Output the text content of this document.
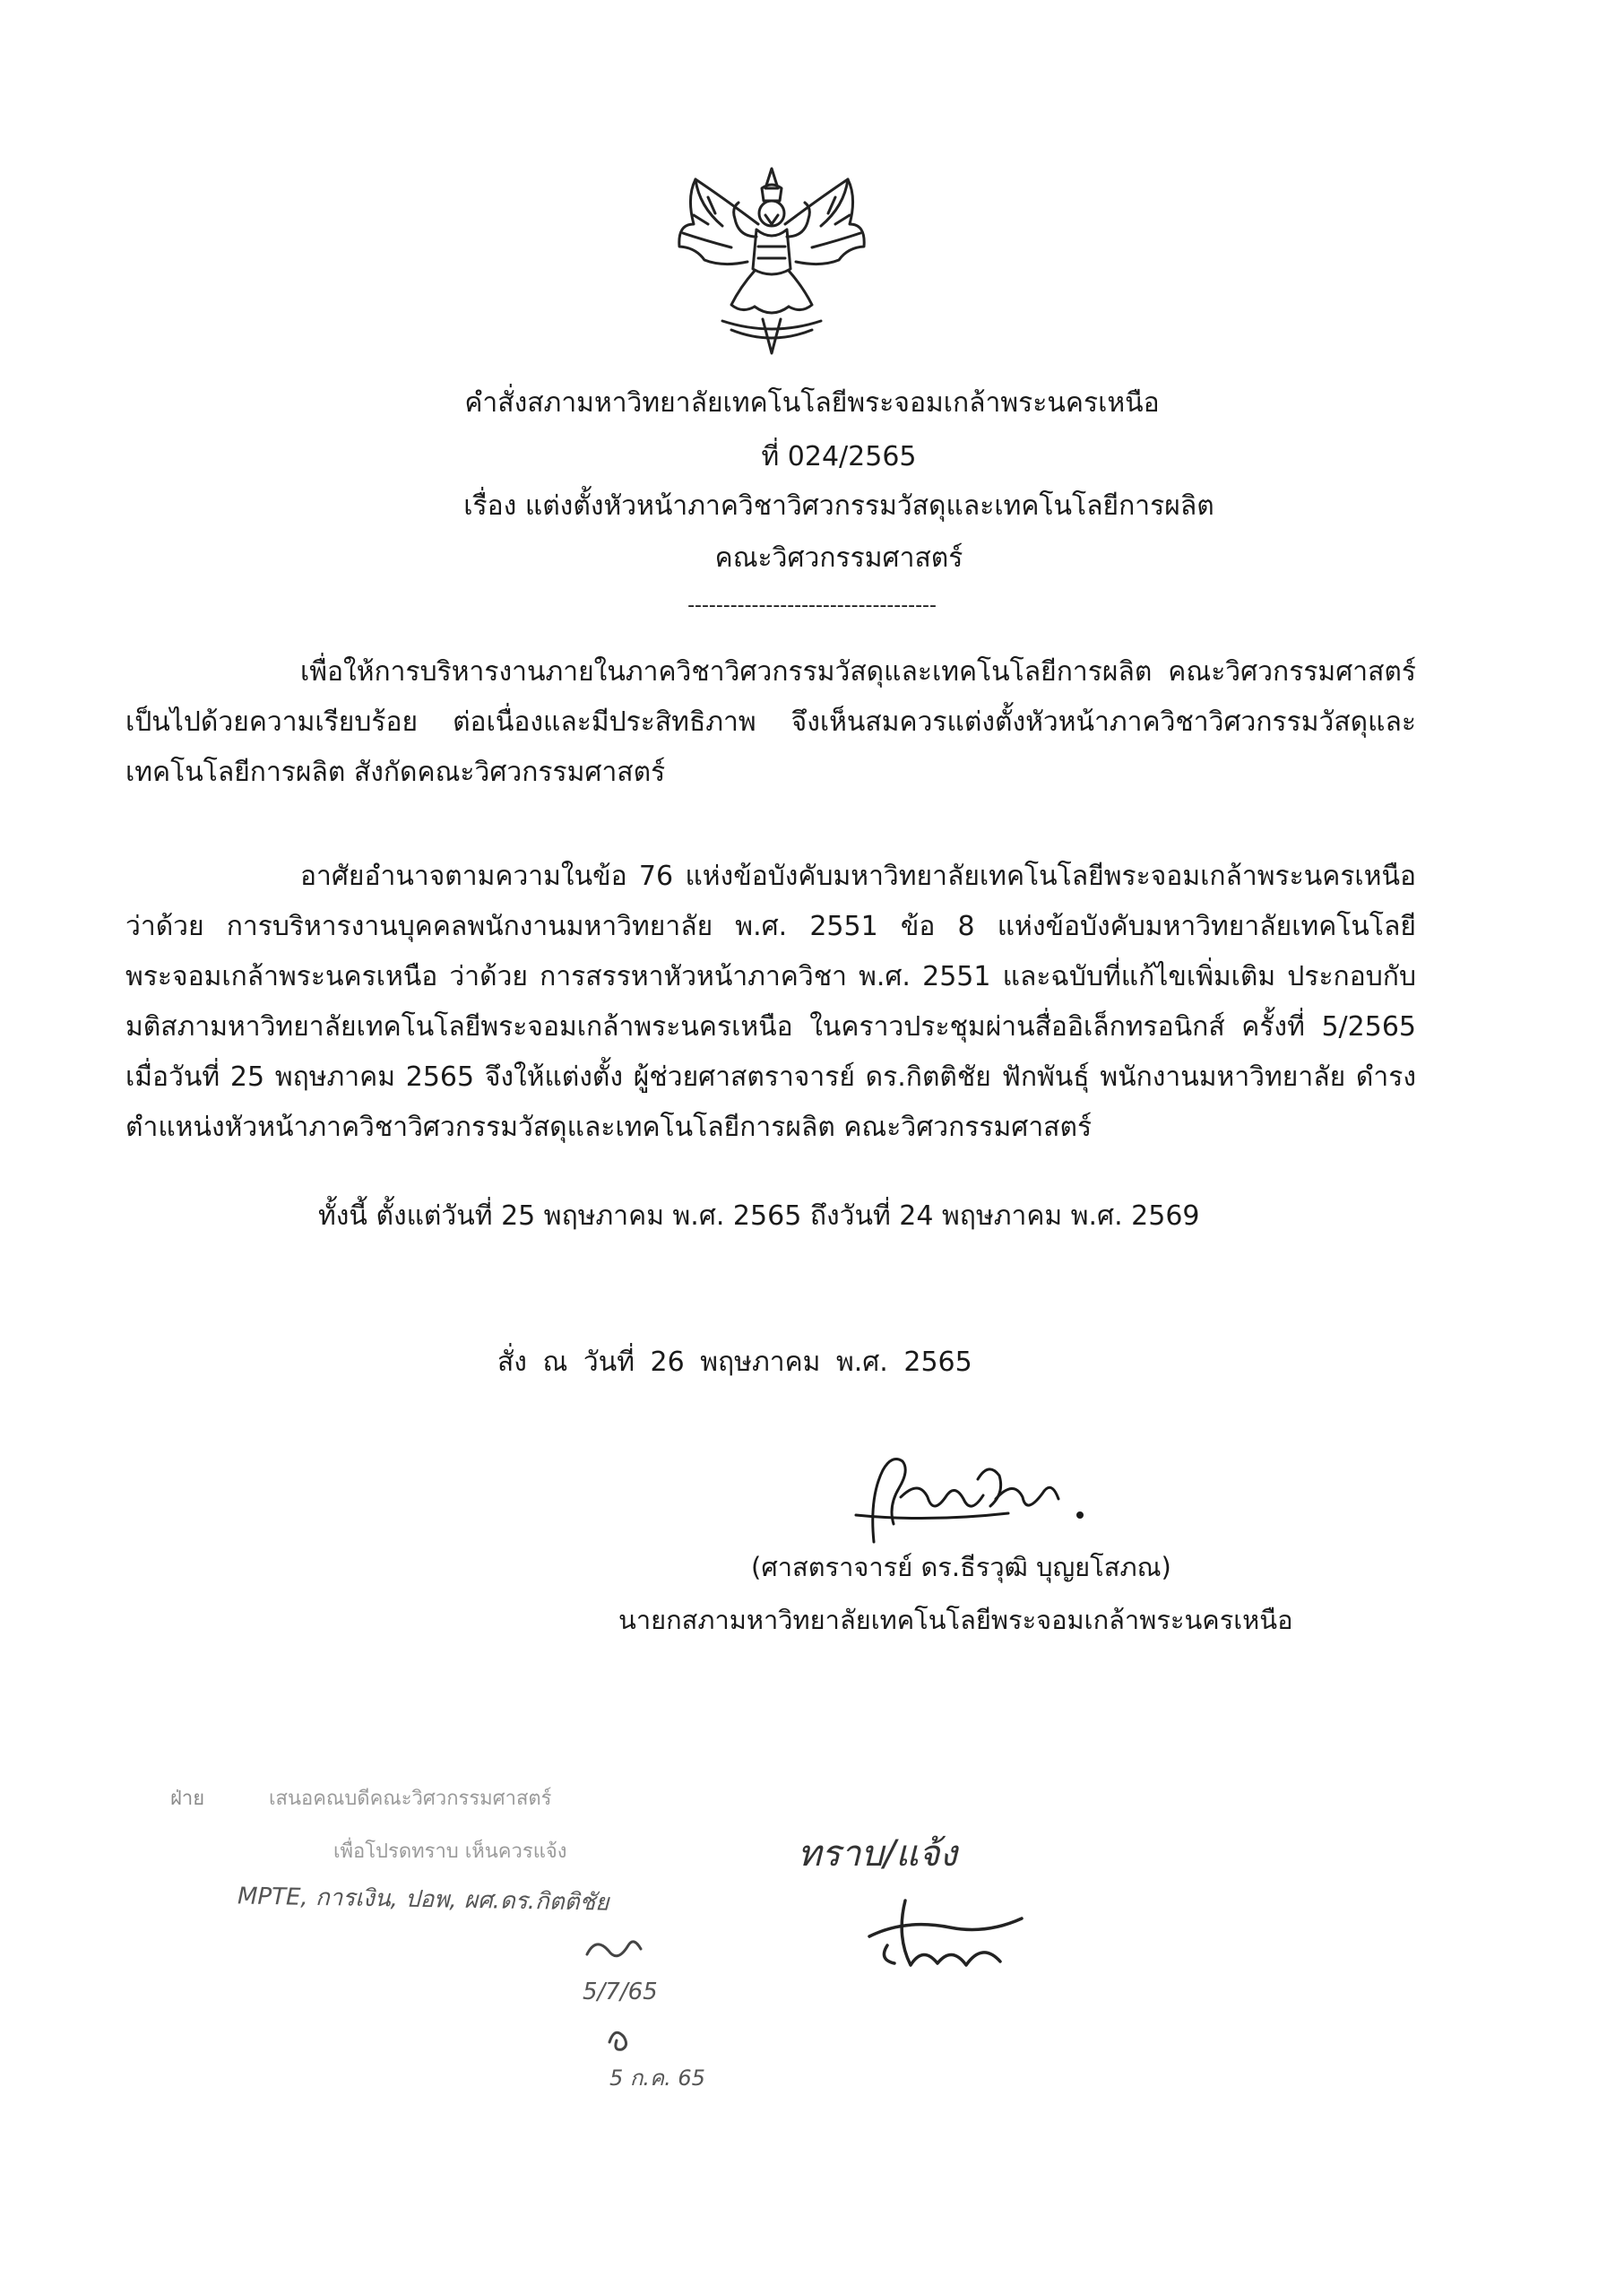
คำสั่งสภามหาวิทยาลัยเทคโนโลยีพระจอมเกล้าพระนครเหนือ
ที่ 024/2565
เรื่อง แต่งตั้งหัวหน้าภาควิชาวิศวกรรมวัสดุและเทคโนโลยีการผลิต
คณะวิศวกรรมศาสตร์
-----------------------------------
เพื่อให้การบริหารงานภายในภาควิชาวิศวกรรมวัสดุและเทคโนโลยีการผลิต คณะวิศวกรรมศาสตร์ เป็นไปด้วยความเรียบร้อย ต่อเนื่องและมีประสิทธิภาพ จึงเห็นสมควรแต่งตั้งหัวหน้าภาควิชาวิศวกรรมวัสดุและเทคโนโลยีการผลิต สังกัดคณะวิศวกรรมศาสตร์
อาศัยอำนาจตามความในข้อ 76 แห่งข้อบังคับมหาวิทยาลัยเทคโนโลยีพระจอมเกล้าพระนครเหนือ ว่าด้วย การบริหารงานบุคคลพนักงานมหาวิทยาลัย พ.ศ. 2551 ข้อ 8 แห่งข้อบังคับมหาวิทยาลัยเทคโนโลยีพระจอมเกล้าพระนครเหนือ ว่าด้วย การสรรหาหัวหน้าภาควิชา พ.ศ. 2551 และฉบับที่แก้ไขเพิ่มเติม ประกอบกับมติสภามหาวิทยาลัยเทคโนโลยีพระจอมเกล้าพระนครเหนือ ในคราวประชุมผ่านสื่ออิเล็กทรอนิกส์ ครั้งที่ 5/2565 เมื่อวันที่ 25 พฤษภาคม 2565 จึงให้แต่งตั้ง ผู้ช่วยศาสตราจารย์ ดร.กิตติชัย ฟักพันธุ์ พนักงานมหาวิทยาลัย ดำรงตำแหน่งหัวหน้าภาควิชาวิศวกรรมวัสดุและเทคโนโลยีการผลิต คณะวิศวกรรมศาสตร์
ทั้งนี้ ตั้งแต่วันที่ 25 พฤษภาคม พ.ศ. 2565 ถึงวันที่ 24 พฤษภาคม พ.ศ. 2569
สั่ง ณ วันที่ 26 พฤษภาคม พ.ศ. 2565
(ศาสตราจารย์ ดร.ธีรวุฒิ บุญยโสภณ)
นายกสภามหาวิทยาลัยเทคโนโลยีพระจอมเกล้าพระนครเหนือ
ฝ่าย	เสนอคณบดีคณะวิศวกรรมศาสตร์
เพื่อโปรดทราบ เห็นควรแจ้ง
MPTE, การเงิน, ปอพ, ผศ.ดร.กิตติชัย
5/7/65
5 ก.ค. 65
ทราบ/แจ้ง
